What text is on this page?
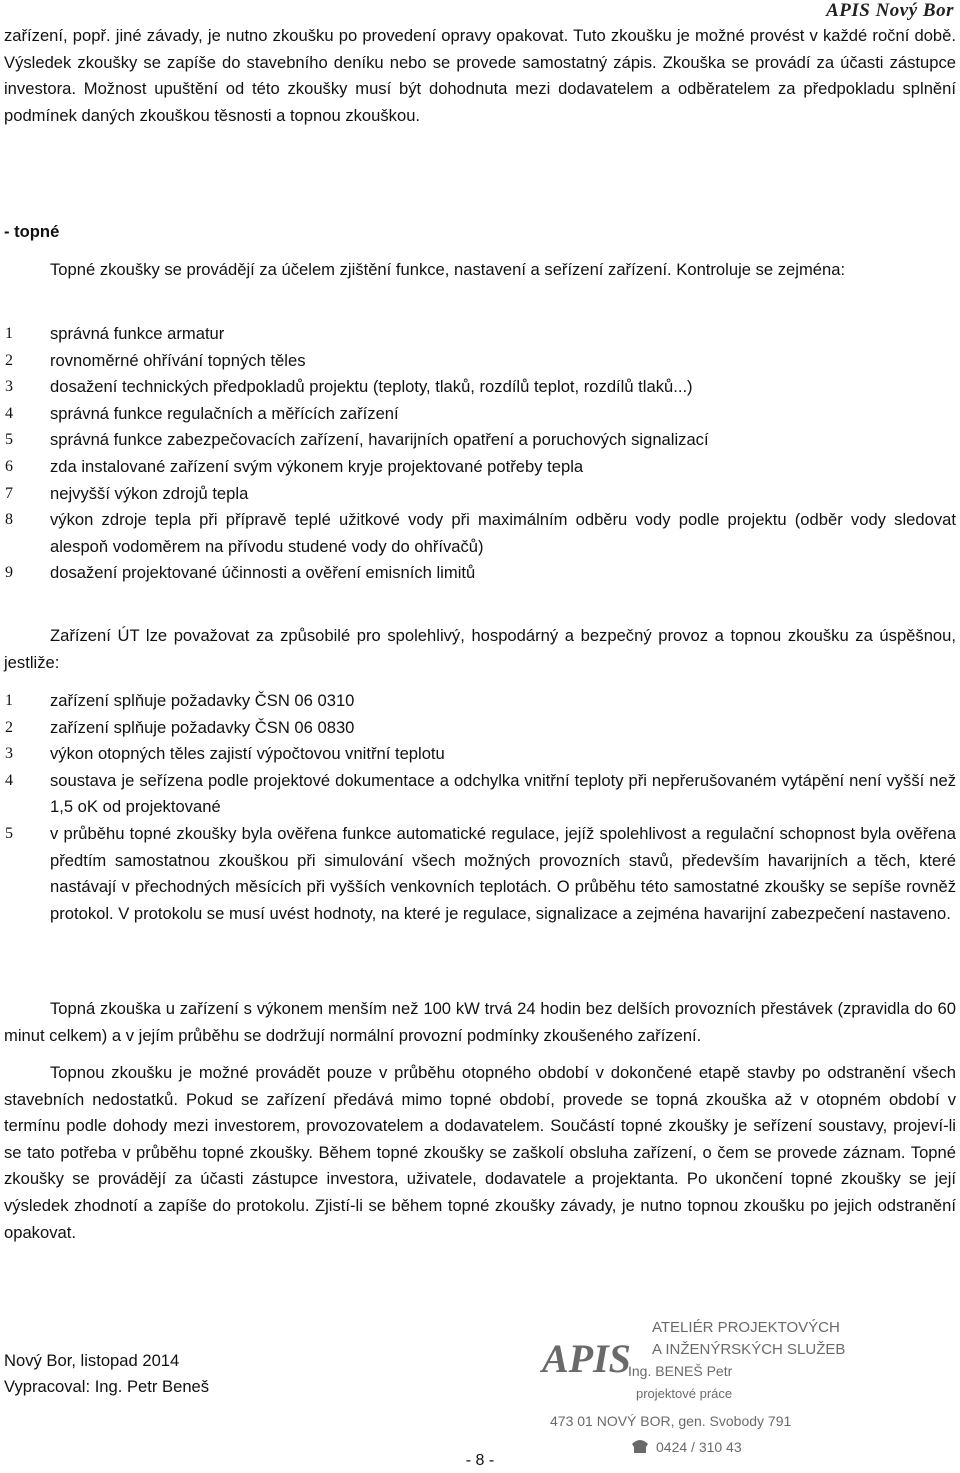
APIS Nový Bor

zařízení, popř. jiné závady, je nutno zkoušku po provedení opravy opakovat. Tuto zkoušku je možné provést v každé roční době. Výsledek zkoušky se zapíše do stavebního deníku nebo se provede samostatný zápis. Zkouška se provádí za účasti zástupce investora. Možnost upuštění od této zkoušky musí být dohodnuta mezi dodavatelem a odběratelem za předpokladu splnění podmínek daných zkouškou těsnosti a topnou zkouškou.

- topné

Topné zkoušky se provádějí za účelem zjištění funkce, nastavení a seřízení zařízení. Kontroluje se zejména:

1 správná funkce armatur
2 rovnoměrné ohřívání topných těles
3 dosažení technických předpokladů projektu (teploty, tlaků, rozdílů teplot, rozdílů tlaků...)
4 správná funkce regulačních a měřících zařízení
5 správná funkce zabezpečovacích zařízení, havarijních opatření a poruchových signalizací
6 zda instalované zařízení svým výkonem kryje projektované potřeby tepla
7 nejvyšší výkon zdrojů tepla
8 výkon zdroje tepla při přípravě teplé užitkové vody při maximálním odběru vody podle projektu (odběr vody sledovat alespoň vodoměrem na přívodu studené vody do ohřívačů)
9 dosažení projektované účinnosti a ověření emisních limitů

Zařízení ÚT lze považovat za způsobilé pro spolehlivý, hospodárný a bezpečný provoz a topnou zkoušku za úspěšnou, jestliže:

1 zařízení splňuje požadavky ČSN 06 0310
2 zařízení splňuje požadavky ČSN 06 0830
3 výkon otopných těles zajistí výpočtovou vnitřní teplotu
4 soustava je seřízena podle projektové dokumentace a odchylka vnitřní teploty při nepřerušovaném vytápění není vyšší než 1,5 oK od projektované
5 v průběhu topné zkoušky byla ověřena funkce automatické regulace, jejíž spolehlivost a regulační schopnost byla ověřena předtím samostatnou zkouškou při simulování všech možných provozních stavů, především havarijních a těch, které nastávají v přechodných měsících při vyšších venkovních teplotách. O průběhu této samostatné zkoušky se sepíše rovněž protokol. V protokolu se musí uvést hodnoty, na které je regulace, signalizace a zejména havarijní zabezpečení nastaveno.

Topná zkouška u zařízení s výkonem menším než 100 kW trvá 24 hodin bez delších provozních přestávek (zpravidla do 60 minut celkem) a v jejím průběhu se dodržují normální provozní podmínky zkoušeného zařízení.

Topnou zkoušku je možné provádět pouze v průběhu otopného období v dokončené etapě stavby po odstranění všech stavebních nedostatků. Pokud se zařízení předává mimo topné období, provede se topná zkouška až v otopném období v termínu podle dohody mezi investorem, provozovatelem a dodavatelem. Součástí topné zkoušky je seřízení soustavy, projeví-li se tato potřeba v průběhu topné zkoušky. Během topné zkoušky se zaškolí obsluha zařízení, o čem se provede záznam. Topné zkoušky se provádějí za účasti zástupce investora, uživatele, dodavatele a projektanta. Po ukončení topné zkoušky se její výsledek zhodnotí a zapíše do protokolu. Zjistí-li se během topné zkoušky závady, je nutno topnou zkoušku po jejich odstranění opakovat.

Nový Bor, listopad 2014
Vypracoval: Ing. Petr Beneš
APIS
ATELIÉR PROJEKTOVÝCH
A INŽENÝRSKÝCH SLUŽEB
Ing. BENEŠ Petr
projektové práce
473 01 NOVÝ BOR, gen. Svobody 791
0424 / 310 43
- 8 -
